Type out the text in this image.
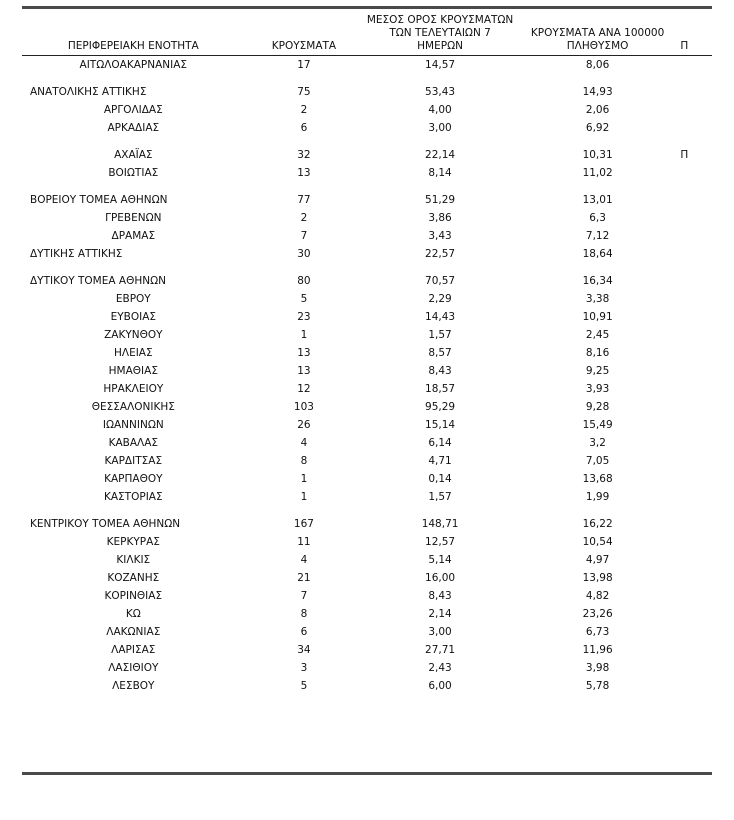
ΠΕΡΙΦΕΡΕΙΑΚΗ ΕΝΟΤΗΤΑ	ΚΡΟΥΣΜΑΤΑ	ΜΕΣΟΣ ΟΡΟΣ ΚΡΟΥΣΜΑΤΩΝ
ΤΩΝ ΤΕΛΕΥΤΑΙΩΝ 7
ΗΜΕΡΩΝ	ΚΡΟΥΣΜΑΤΑ ΑΝΑ 100000
ΠΛΗΘΥΣΜΟ	Π

ΑΙΤΩΛΟΑΚΑΡΝΑΝΙΑΣ	17	14,57	8,06	

ΑΝΑΤΟΛΙΚΗΣ ΑΤΤΙΚΗΣ	75	53,43	14,93	
ΑΡΓΟΛΙΔΑΣ	2	4,00	2,06	
ΑΡΚΑΔΙΑΣ	6	3,00	6,92	

ΑΧΑΪΑΣ	32	22,14	10,31	Π
ΒΟΙΩΤΙΑΣ	13	8,14	11,02	

ΒΟΡΕΙΟΥ ΤΟΜΕΑ ΑΘΗΝΩΝ	77	51,29	13,01	
ΓΡΕΒΕΝΩΝ	2	3,86	6,3	
ΔΡΑΜΑΣ	7	3,43	7,12	
ΔΥΤΙΚΗΣ ΑΤΤΙΚΗΣ	30	22,57	18,64	

ΔΥΤΙΚΟΥ ΤΟΜΕΑ ΑΘΗΝΩΝ	80	70,57	16,34	
ΕΒΡΟΥ	5	2,29	3,38	
ΕΥΒΟΙΑΣ	23	14,43	10,91	
ΖΑΚΥΝΘΟΥ	1	1,57	2,45	
ΗΛΕΙΑΣ	13	8,57	8,16	
ΗΜΑΘΙΑΣ	13	8,43	9,25	
ΗΡΑΚΛΕΙΟΥ	12	18,57	3,93	
ΘΕΣΣΑΛΟΝΙΚΗΣ	103	95,29	9,28	
ΙΩΑΝΝΙΝΩΝ	26	15,14	15,49	
ΚΑΒΑΛΑΣ	4	6,14	3,2	
ΚΑΡΔΙΤΣΑΣ	8	4,71	7,05	
ΚΑΡΠΑΘΟΥ	1	0,14	13,68	
ΚΑΣΤΟΡΙΑΣ	1	1,57	1,99	

ΚΕΝΤΡΙΚΟΥ ΤΟΜΕΑ ΑΘΗΝΩΝ	167	148,71	16,22	
ΚΕΡΚΥΡΑΣ	11	12,57	10,54	
ΚΙΛΚΙΣ	4	5,14	4,97	
ΚΟΖΑΝΗΣ	21	16,00	13,98	
ΚΟΡΙΝΘΙΑΣ	7	8,43	4,82	
ΚΩ	8	2,14	23,26	
ΛΑΚΩΝΙΑΣ	6	3,00	6,73	
ΛΑΡΙΣΑΣ	34	27,71	11,96	
ΛΑΣΙΘΙΟΥ	3	2,43	3,98	
ΛΕΣΒΟΥ	5	6,00	5,78	
